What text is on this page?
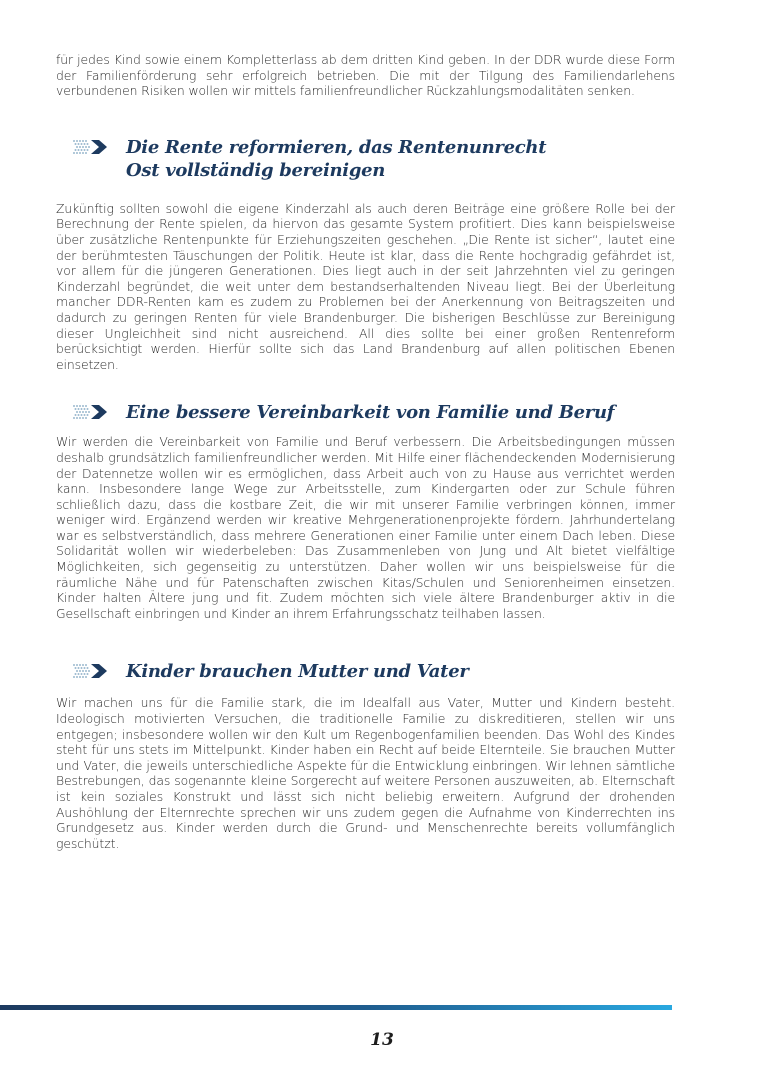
für jedes Kind sowie einem Kompletterlass ab dem dritten Kind geben. In der DDR wurde diese Form der Familienförderung sehr erfolgreich betrieben. Die mit der Tilgung des Familiendarlehens verbundenen Risiken wollen wir mittels familienfreundlicher Rückzahlungsmodalitäten senken.

Die Rente reformieren, das Rentenunrecht Ost vollständig bereinigen

Zukünftig sollten sowohl die eigene Kinderzahl als auch deren Beiträge eine größere Rolle bei der Berechnung der Rente spielen, da hiervon das gesamte System profitiert. Dies kann beispielsweise über zusätzliche Rentenpunkte für Erziehungszeiten geschehen. „Die Rente ist sicher“, lautet eine der berühmtesten Täuschungen der Politik. Heute ist klar, dass die Rente hochgradig gefährdet ist, vor allem für die jüngeren Generationen. Dies liegt auch in der seit Jahrzehnten viel zu geringen Kinderzahl begründet, die weit unter dem bestandserhaltenden Niveau liegt. Bei der Überleitung mancher DDR-Renten kam es zudem zu Problemen bei der Anerkennung von Beitragszeiten und dadurch zu geringen Renten für viele Brandenburger. Die bisherigen Beschlüsse zur Bereinigung dieser Ungleichheit sind nicht ausreichend. All dies sollte bei einer großen Rentenreform berücksichtigt werden. Hierfür sollte sich das Land Brandenburg auf allen politischen Ebenen einsetzen.

Eine bessere Vereinbarkeit von Familie und Beruf

Wir werden die Vereinbarkeit von Familie und Beruf verbessern. Die Arbeitsbedingungen müssen deshalb grundsätzlich familienfreundlicher werden. Mit Hilfe einer flächendeckenden Modernisierung der Datennetze wollen wir es ermöglichen, dass Arbeit auch von zu Hause aus verrichtet werden kann. Insbesondere lange Wege zur Arbeitsstelle, zum Kindergarten oder zur Schule führen schließlich dazu, dass die kostbare Zeit, die wir mit unserer Familie verbringen können, immer weniger wird. Ergänzend werden wir kreative Mehrgenerationenprojekte fördern. Jahrhundertelang war es selbstverständlich, dass mehrere Generationen einer Familie unter einem Dach leben. Diese Solidarität wollen wir wiederbeleben: Das Zusammenleben von Jung und Alt bietet vielfältige Möglichkeiten, sich gegenseitig zu unterstützen. Daher wollen wir uns beispielsweise für die räumliche Nähe und für Patenschaften zwischen Kitas/Schulen und Seniorenheimen einsetzen. Kinder halten Ältere jung und fit. Zudem möchten sich viele ältere Brandenburger aktiv in die Gesellschaft einbringen und Kinder an ihrem Erfahrungsschatz teilhaben lassen.

Kinder brauchen Mutter und Vater

Wir machen uns für die Familie stark, die im Idealfall aus Vater, Mutter und Kindern besteht. Ideologisch motivierten Versuchen, die traditionelle Familie zu diskreditieren, stellen wir uns entgegen; insbesondere wollen wir den Kult um Regenbogenfamilien beenden. Das Wohl des Kindes steht für uns stets im Mittelpunkt. Kinder haben ein Recht auf beide Elternteile. Sie brauchen Mutter und Vater, die jeweils unterschiedliche Aspekte für die Entwicklung einbringen. Wir lehnen sämtliche Bestrebungen, das sogenannte kleine Sorgerecht auf weitere Personen auszuweiten, ab. Elternschaft ist kein soziales Konstrukt und lässt sich nicht beliebig erweitern. Aufgrund der drohenden Aushöhlung der Elternrechte sprechen wir uns zudem gegen die Aufnahme von Kinderrechten ins Grundgesetz aus. Kinder werden durch die Grund- und Menschenrechte bereits vollumfänglich geschützt.

13
